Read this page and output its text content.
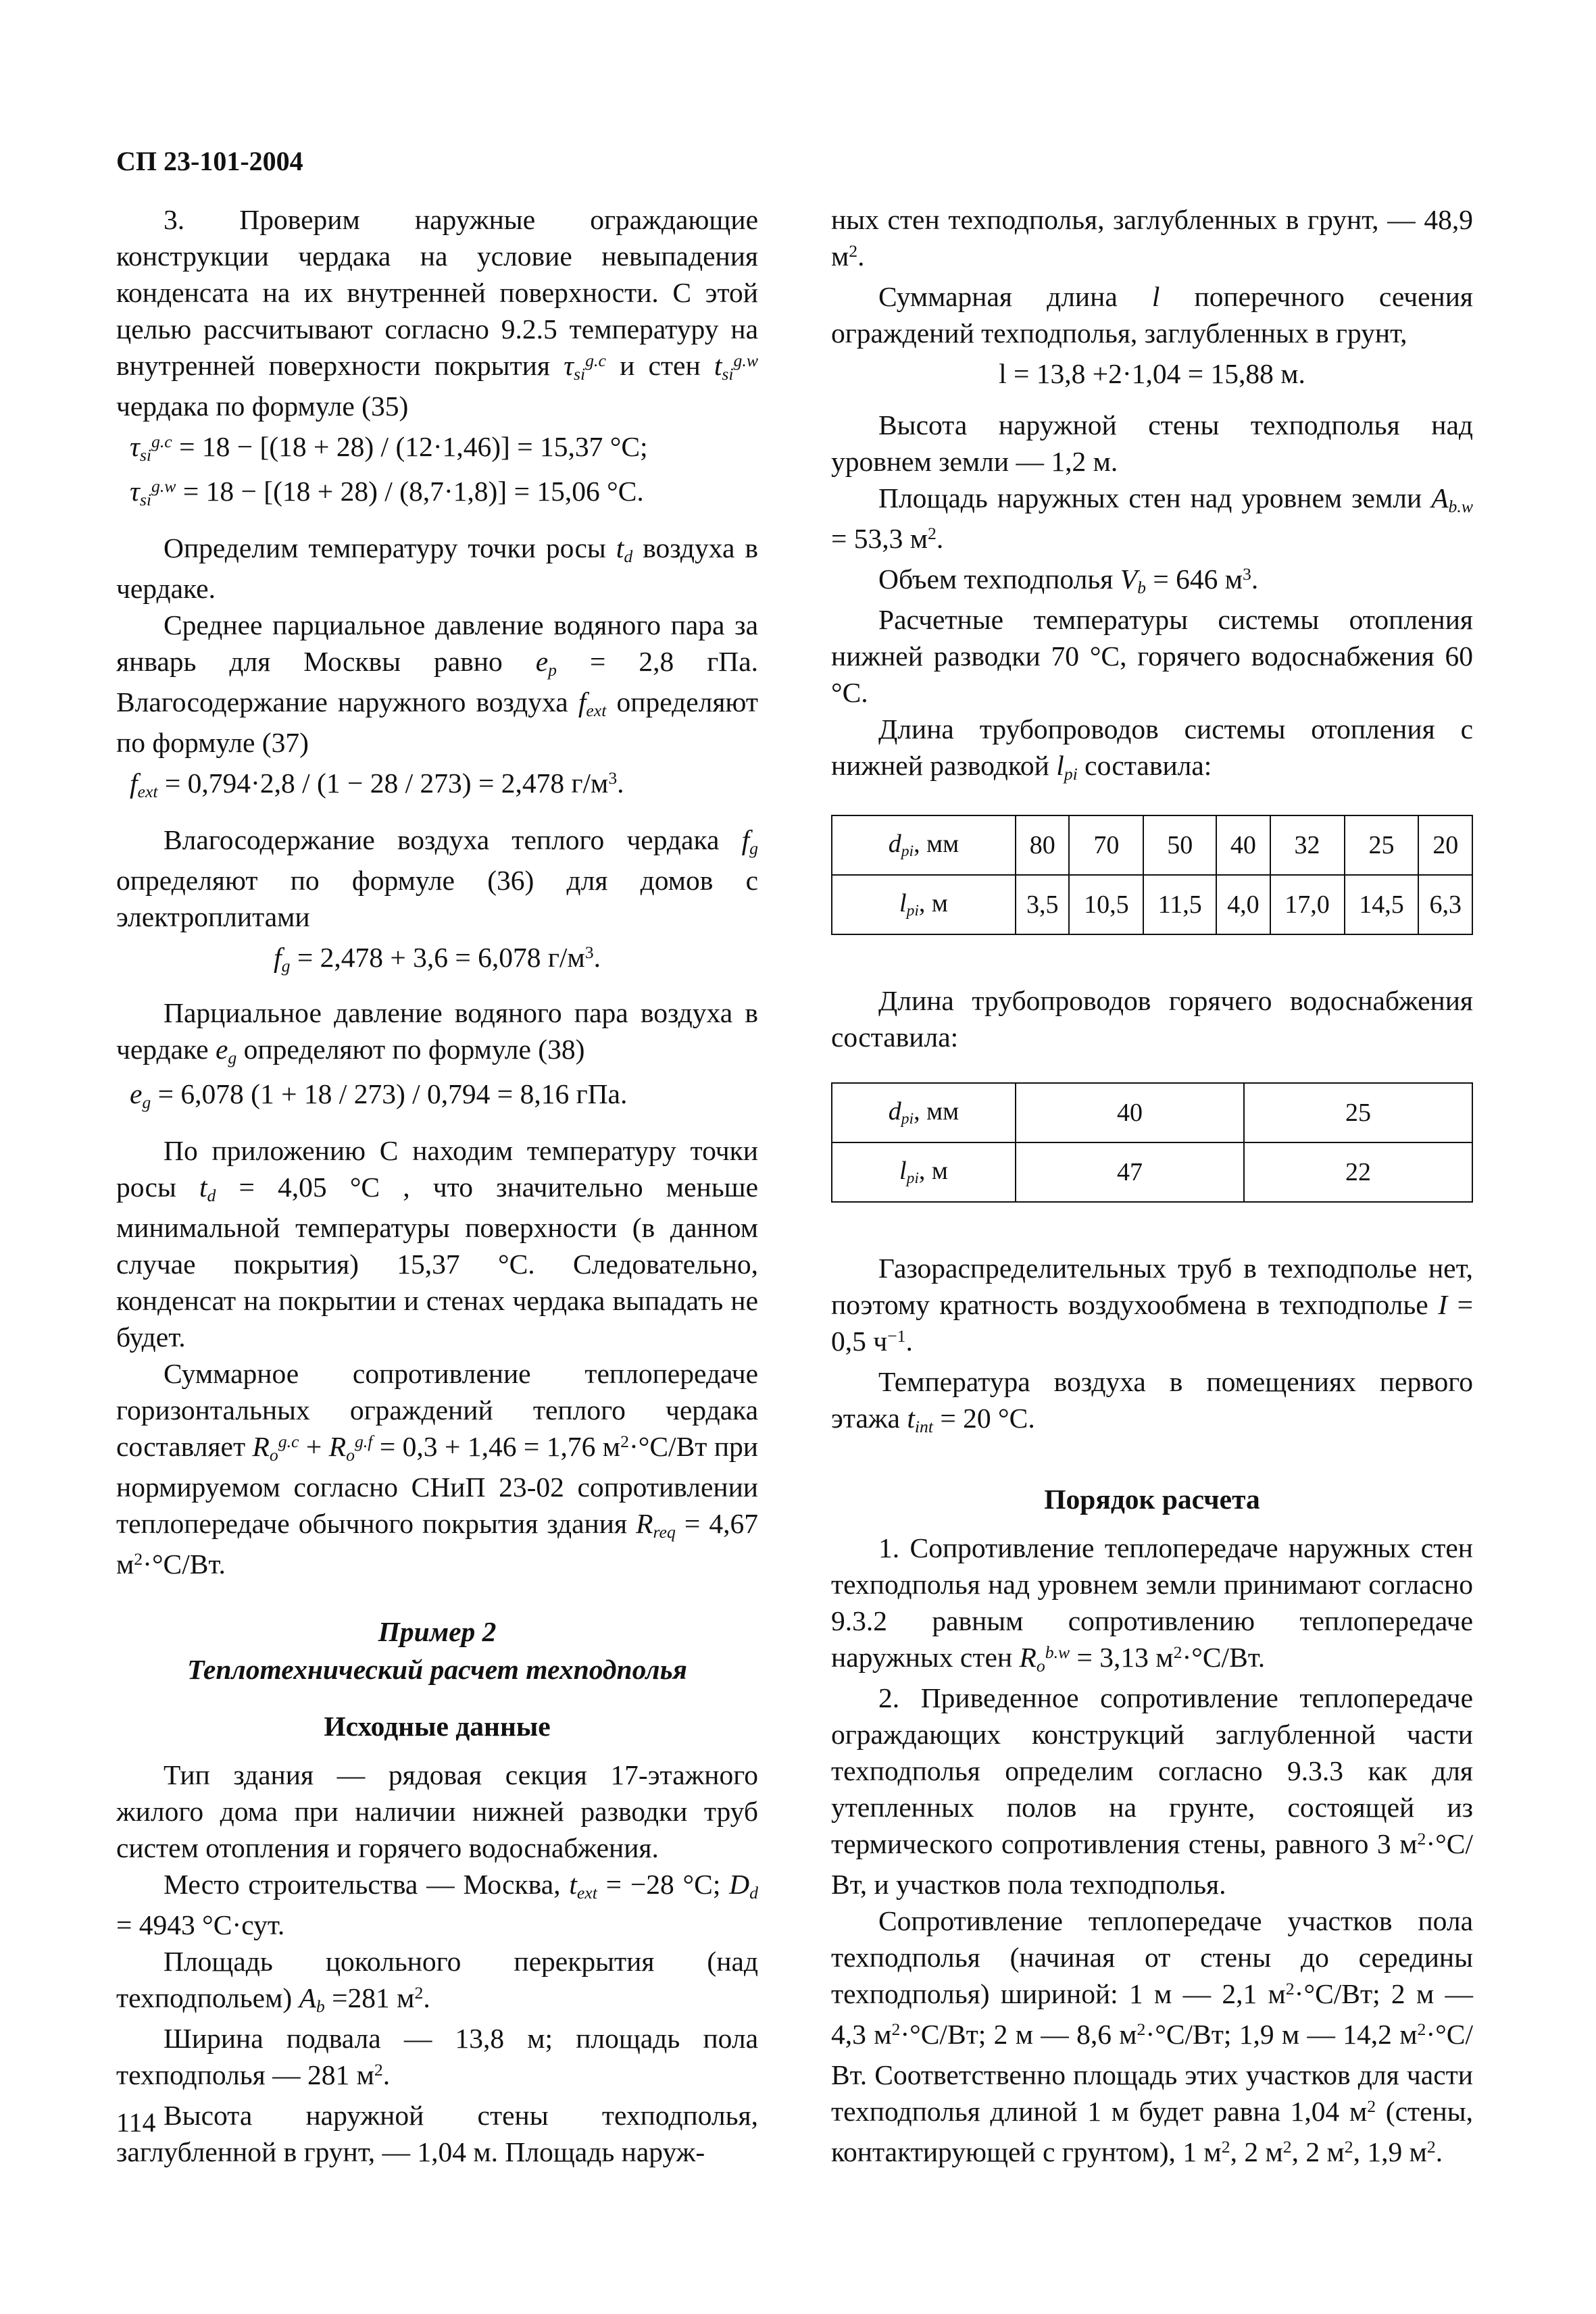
СП 23-101-2004

3. Проверим наружные ограждающие конструкции чердака на условие невыпадения конденсата на их внутренней поверхности. С этой целью рассчитывают согласно 9.2.5 температуру на внутренней поверхности покрытия τsi$^{g.c}$ и стен tsi$^{g.w}$ чердака по формуле (35)

τsi$^{g.c}$ = 18 − [(18 + 28) / (12·1,46)] = 15,37 °C;

τsi$^{g.w}$ = 18 − [(18 + 28) / (8,7·1,8)] = 15,06 °C.

Определим температуру точки росы td воздуха в чердаке.

Среднее парциальное давление водяного пара за январь для Москвы равно ep = 2,8 гПа. Влагосодержание наружного воздуха fext определяют по формуле (37)

fext = 0,794·2,8 / (1 − 28 / 273) = 2,478 $г/м^3$.

Влагосодержание воздуха теплого чердака fg определяют по формуле (36) для домов с электроплитами

fg = 2,478 + 3,6 = 6,078 $г/м^3$.

Парциальное давление водяного пара воздуха в чердаке eg определяют по формуле (38)

eg = 6,078 (1 + 18 / 273) / 0,794 = 8,16 гПа.

По приложению С находим температуру точки росы td = 4,05 °С , что значительно меньше минимальной температуры поверхности (в данном случае покрытия) 15,37 °С. Следовательно, конденсат на покрытии и стенах чердака выпадать не будет.

Суммарное сопротивление теплопередаче горизонтальных ограждений теплого чердака составляет $Ro^{g.c} + Ro^{g.f} = 0,3 + 1,46 = 1,76$ $м^2\cdot^\circ С/Вт$ при нормируемом согласно СНиП 23-02 сопротивлении теплопередаче обычного покрытия здания Rreq = 4,67 $м^2\cdot^\circ С/Вт$.

Пример 2

Теплотехнический расчет техподполья

Исходные данные

Тип здания — рядовая секция 17-этажного жилого дома при наличии нижней разводки труб систем отопления и горячего водоснабжения.

Место строительства — Москва, text = −28 °С; Dd = 4943 °С·сут.

Площадь цокольного перекрытия (над техподпольем) Ab =281 $м^2$.

Ширина подвала — 13,8 м; площадь пола техподполья — 281 $м^2$.

Высота наружной стены техподполья, заглубленной в грунт, — 1,04 м. Площадь наруж-

ных стен техподполья, заглубленных в грунт, — 48,9 $м^2$.

Суммарная длина l поперечного сечения ограждений техподполья, заглубленных в грунт,

l = 13,8 +2·1,04 = 15,88 м.

Высота наружной стены техподполья над уровнем земли — 1,2 м.

Площадь наружных стен над уровнем земли Ab.w = 53,3 $м^2$.

Объем техподполья Vb = 646 $м^3$.

Расчетные температуры системы отопления нижней разводки 70 °С, горячего водоснабжения 60 °С.

Длина трубопроводов системы отопления с нижней разводкой lpi составила:

dpi, мм	80	70	50	40	32	25	20
lpi, м	3,5	10,5	11,5	4,0	17,0	14,5	6,3

Длина трубопроводов горячего водоснабжения составила:

dpi, мм	40	25
lpi, м	47	22

Газораспределительных труб в техподполье нет, поэтому кратность воздухообмена в техподполье I = 0,5 $ч^{-1}$.

Температура воздуха в помещениях первого этажа tint = 20 °С.

Порядок расчета

1. Сопротивление теплопередаче наружных стен техподполья над уровнем земли принимают согласно 9.3.2 равным сопротивлению теплопередаче наружных стен $Ro^{b.w} = 3,13$ $м^2\cdot^\circ С/Вт$.

2. Приведенное сопротивление теплопередаче ограждающих конструкций заглубленной части техподполья определим согласно 9.3.3 как для утепленных полов на грунте, состоящей из термического сопротивления стены, равного 3 $м^2\cdot^\circ С/Вт$, и участков пола техподполья.

Сопротивление теплопередаче участков пола техподполья (начиная от стены до середины техподполья) шириной: 1 м — 2,1 $м^2\cdot^\circ С/Вт$; 2 м — 4,3 $м^2\cdot^\circ С/Вт$; 2 м — 8,6 $м^2\cdot^\circ С/Вт$; 1,9 м — 14,2 $м^2\cdot^\circ С/Вт$. Соответственно площадь этих участков для части техподполья длиной 1 м будет равна 1,04 $м^2$ (стены, контактирующей с грунтом), 1 $м^2$, 2 $м^2$, 2 $м^2$, 1,9 $м^2$.

114
